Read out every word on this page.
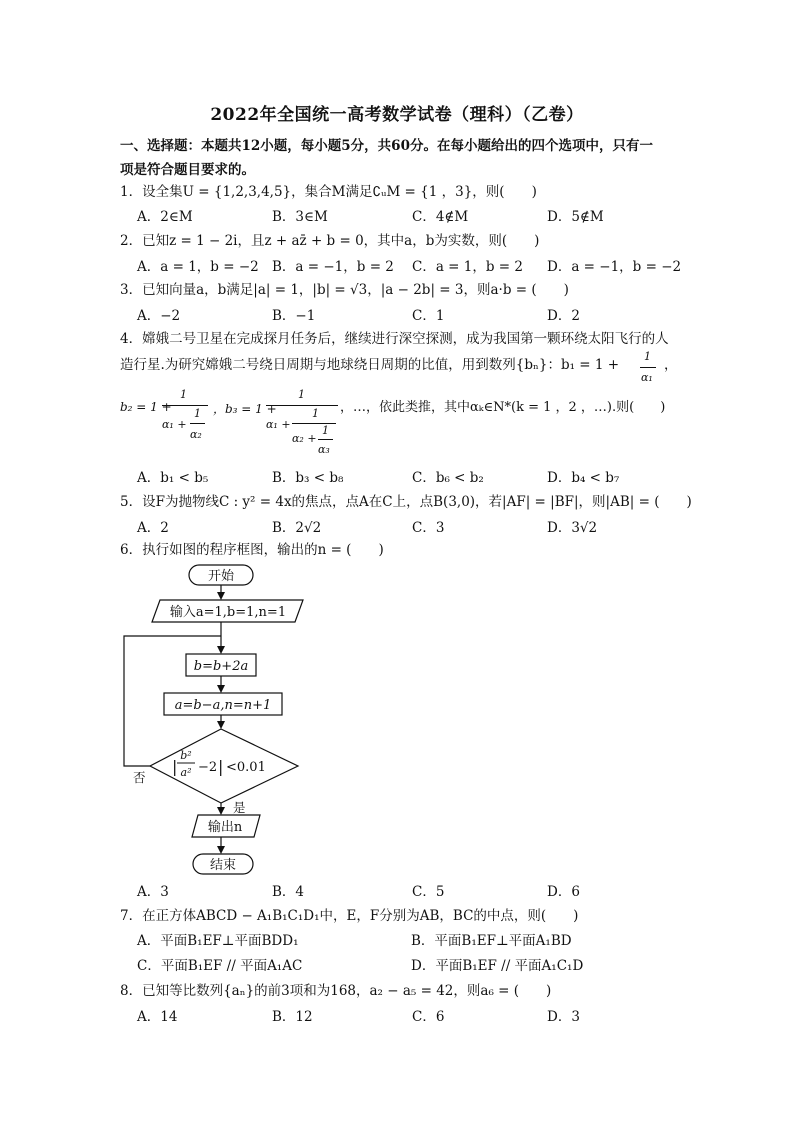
2022年全国统一高考数学试卷（理科）（乙卷）
一、选择题：本题共12小题，每小题5分，共60分。在每小题给出的四个选项中，只有一
项是符合题目要求的。
1．设全集U = {1,2,3,4,5}，集合M满足∁ᵤM = {1 ，3}，则(　　)
A．2∈M	B．3∈M	C．4∉M	D．5∉M
2．已知z = 1 − 2i，且z + az̄ + b = 0，其中a，b为实数，则(　　)
A．a = 1，b = −2 B．a = −1，b = 2 C．a = 1，b = 2 D．a = −1，b = −2
3．已知向量a，b满足|a| = 1，|b| = √3，|a − 2b| = 3，则a·b = (　　)
A．−2	B．−1	C．1	D．2
4．嫦娥二号卫星在完成探月任务后，继续进行深空探测，成为我国第一颗环绕太阳飞行的人
造行星.为研究嫦娥二号绕日周期与地球绕日周期的比值，用到数列{bₙ}：b₁ = 1 +
1
α₁
，
b₂ = 1 +
1
α₁ +
1
α₂
，b₃ = 1 +
1
α₁ +
1
α₂ +
1
α₃
，…，依此类推，其中αₖ∈N*(k = 1 ，2 ，…).则(　　)
A．b₁ < b₅	B．b₃ < b₈	C．b₆ < b₂	D．b₄ < b₇
5．设F为抛物线C : y² = 4x的焦点，点A在C上，点B(3,0)，若|AF| = |BF|，则|AB| = (　　)
A．2	B．2√2	C．3	D．3√2
6．执行如图的程序框图，输出的n = (　　)
开始
输入a=1,b=1,n=1
b=b+2a
a=b−a,n=n+1
b²
a²
| −2 | <0.01
否
是
输出n
结束
A．3	B．4	C．5	D．6
7．在正方体ABCD − A₁B₁C₁D₁中，E，F分别为AB，BC的中点，则(　　)
A．平面B₁EF⊥平面BDD₁	B．平面B₁EF⊥平面A₁BD
C．平面B₁EF // 平面A₁AC	D．平面B₁EF // 平面A₁C₁D
8．已知等比数列{aₙ}的前3项和为168，a₂ − a₅ = 42，则a₆ = (　　)
A．14	B．12	C．6	D．3
